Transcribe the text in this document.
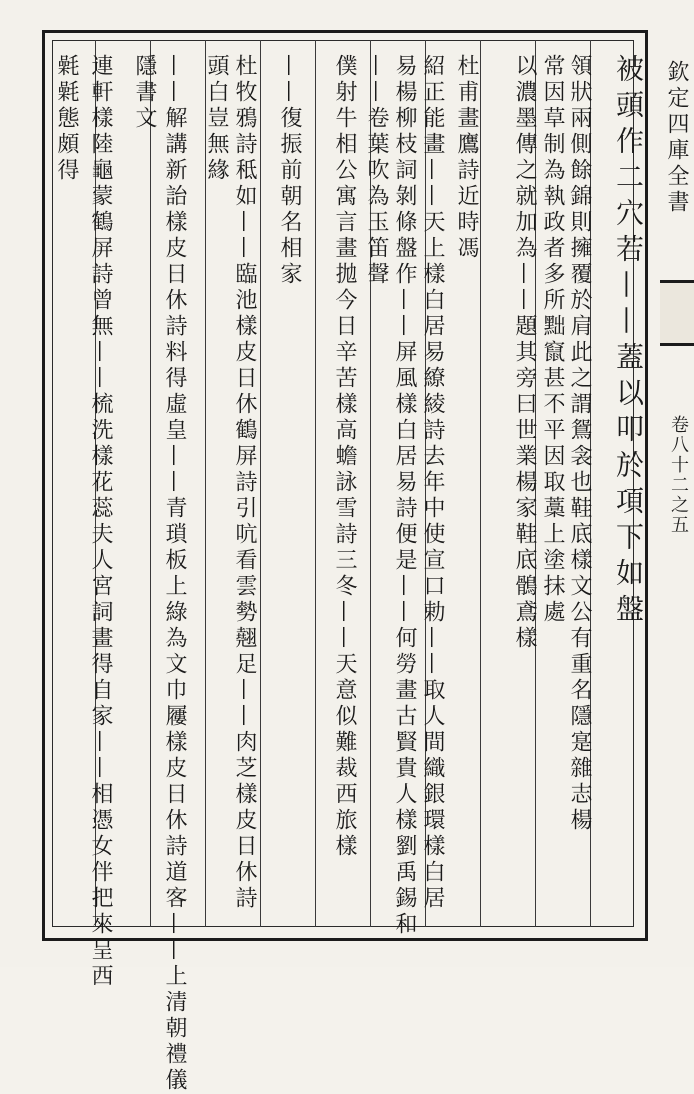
欽定四庫全書
卷八十二之五
被頭作二穴若——蓋以叩於項下如盤
領狀兩側餘錦則擁覆於肩此之謂鴛衾也鞋底樣文公有重名隱寔雜志楊
常因草制為執政者多所黜竄甚不平因取藁上塗抹處
以濃墨傳之就加為——題其旁曰世業楊家鞋底鶻鳶樣
杜甫畫鷹詩近時馮
紹正能畫——天上樣白居易繚綾詩去年中使宣口勅——取人間織銀環樣白居
易楊柳枝詞剝條盤作——屏風樣白居易詩便是——何勞畫古賢貴人樣劉禹錫和
——卷葉吹為玉笛聲
僕射牛相公寓言畫拋今日辛苦樣高蟾詠雪詩三冬——天意似難裁西旅樣
——復振前朝名相家
杜牧鴉詩秪如——臨池樣皮日休鶴屏詩引吭看雲勢翹足——肉芝樣皮日休詩
頭白豈無緣
——解講新詒樣皮日休詩料得虛皇——青瑣板上綠為文巾屨樣皮日休詩道客——上清朝禮儀
隱書文
連軒樣陸龜蒙鶴屏詩曾無——梳洗樣花蕊夫人宮詞畫得自家——相憑女伴把來呈西
氉氉態頗得
